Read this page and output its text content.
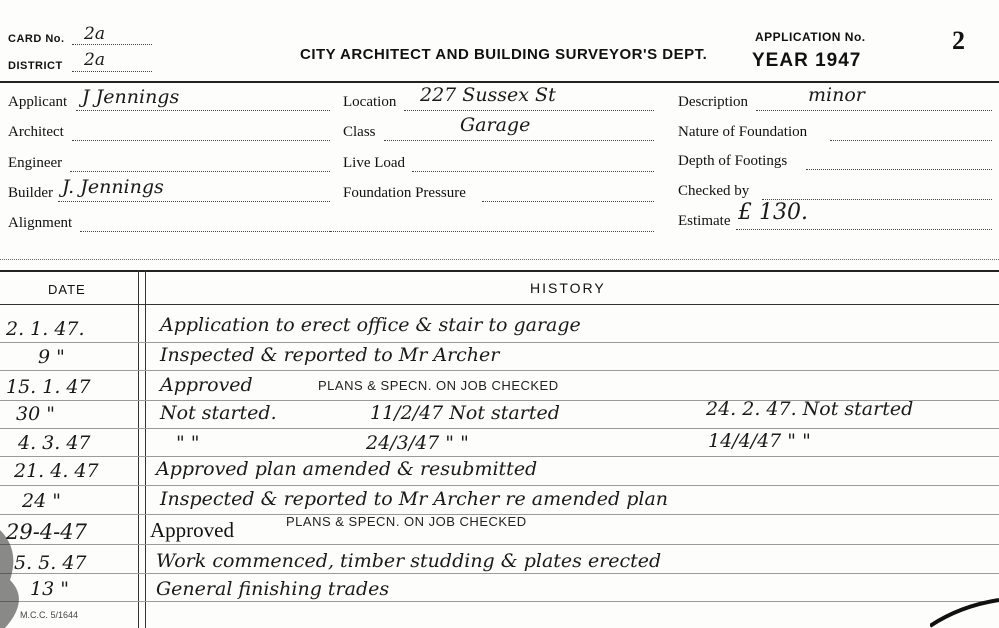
CARD No. 2a
DISTRICT 2a	CITY ARCHITECT AND BUILDING SURVEYOR'S DEPT.
APPLICATION No.
YEAR 1947
2
Applicant J Jennings
Architect
Engineer
Builder J. Jennings
Alignment
Location 227 Sussex St
Class	Garage
Live Load
Foundation Pressure
Description	minor
Nature of Foundation
Depth of Footings
Checked by
Estimate £ 130.
DATE	HISTORY
2. 1. 47.	Application to erect office & stair to garage
9 "	Inspected & reported to Mr Archer
15. 1. 47	Approved	PLANS & SPECN. ON JOB CHECKED
30 "	Not started.	11/2/47 Not started	24. 2. 47. Not started
4. 3. 47	" "	24/3/47 " "	14/4/47 " "
21. 4. 47	Approved plan amended & resubmitted
24 "	Inspected & reported to Mr Archer re amended plan
29-4-47	Approved	PLANS & SPECN. ON JOB CHECKED
5. 5. 47	Work commenced, timber studding & plates erected
13 "	General finishing trades
M.C.C. 5/1644
